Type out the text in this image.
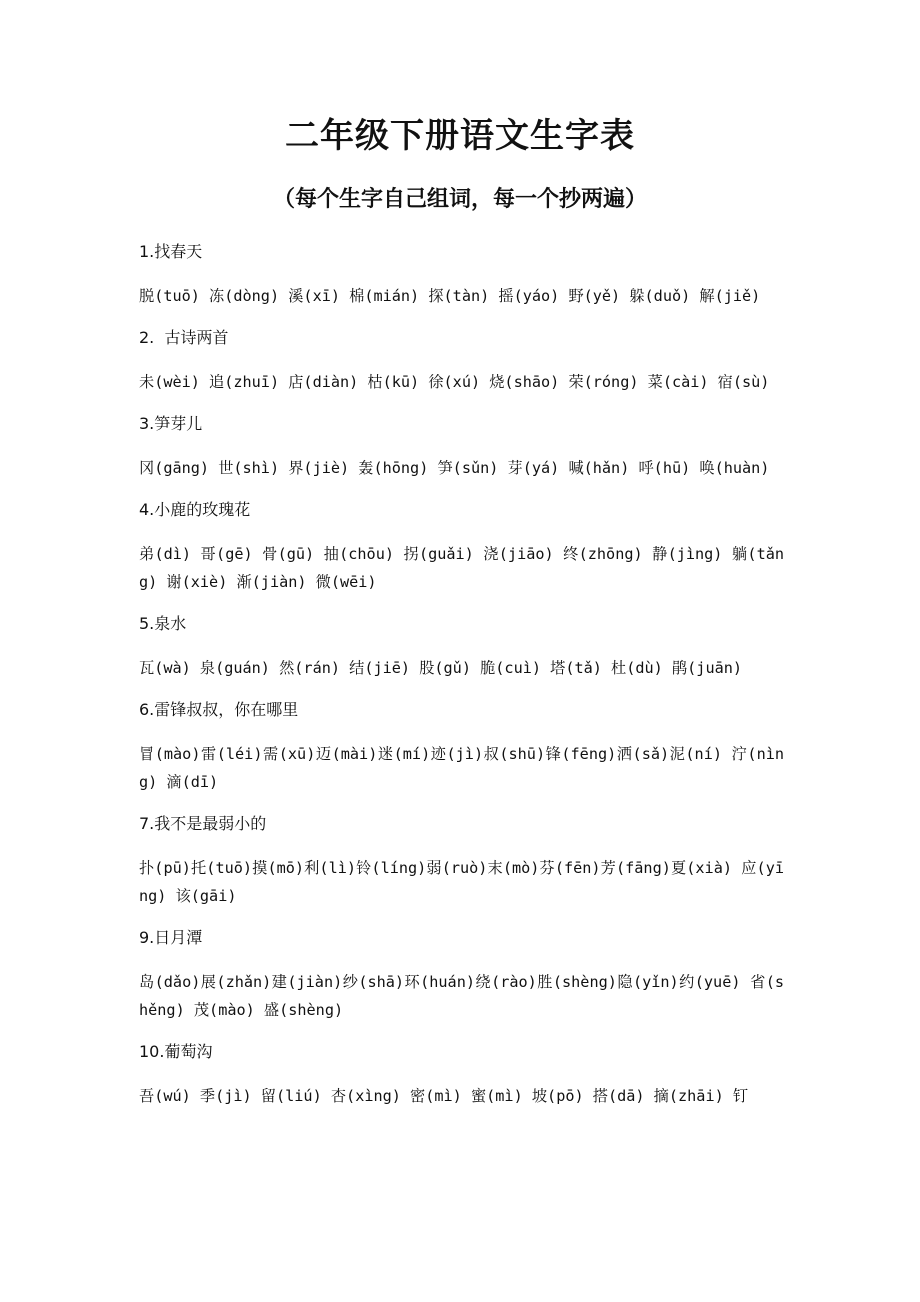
二年级下册语文生字表
（每个生字自己组词，每一个抄两遍）

1.找春天

脱(tuō) 冻(dòng) 溪(xī) 棉(mián) 探(tàn) 摇(yáo) 野(yě) 躲(duǒ) 解(jiě)

2.  古诗两首

未(wèi) 追(zhuī) 店(diàn) 枯(kū) 徐(xú) 烧(shāo) 荣(róng) 菜(cài) 宿(sù)

3.笋芽儿

冈(gāng) 世(shì) 界(jiè) 轰(hōng) 笋(sǔn) 芽(yá) 喊(hǎn) 呼(hū) 唤(huàn)

4.小鹿的玫瑰花

弟(dì) 哥(gē) 骨(gū) 抽(chōu) 拐(guǎi) 浇(jiāo) 终(zhōng) 静(jìng) 躺(tǎng) 谢(xiè) 渐(jiàn) 微(wēi)

5.泉水

瓦(wà) 泉(guán) 然(rán) 结(jiē) 股(gǔ) 脆(cuì) 塔(tǎ) 杜(dù) 鹃(juān)

6.雷锋叔叔，你在哪里

冒(mào)雷(léi)需(xū)迈(mài)迷(mí)迹(jì)叔(shū)锋(fēng)洒(sǎ)泥(ní) 泞(nìng) 滴(dī)

7.我不是最弱小的

扑(pū)托(tuō)摸(mō)利(lì)铃(líng)弱(ruò)末(mò)芬(fēn)芳(fāng)夏(xià) 应(yīng) 该(gāi)

9.日月潭

岛(dǎo)展(zhǎn)建(jiàn)纱(shā)环(huán)绕(rào)胜(shèng)隐(yǐn)约(yuē) 省(shěng) 茂(mào) 盛(shèng)

10.葡萄沟

吾(wú) 季(jì) 留(liú) 杏(xìng) 密(mì) 蜜(mì) 坡(pō) 搭(dā) 摘(zhāi) 钉
